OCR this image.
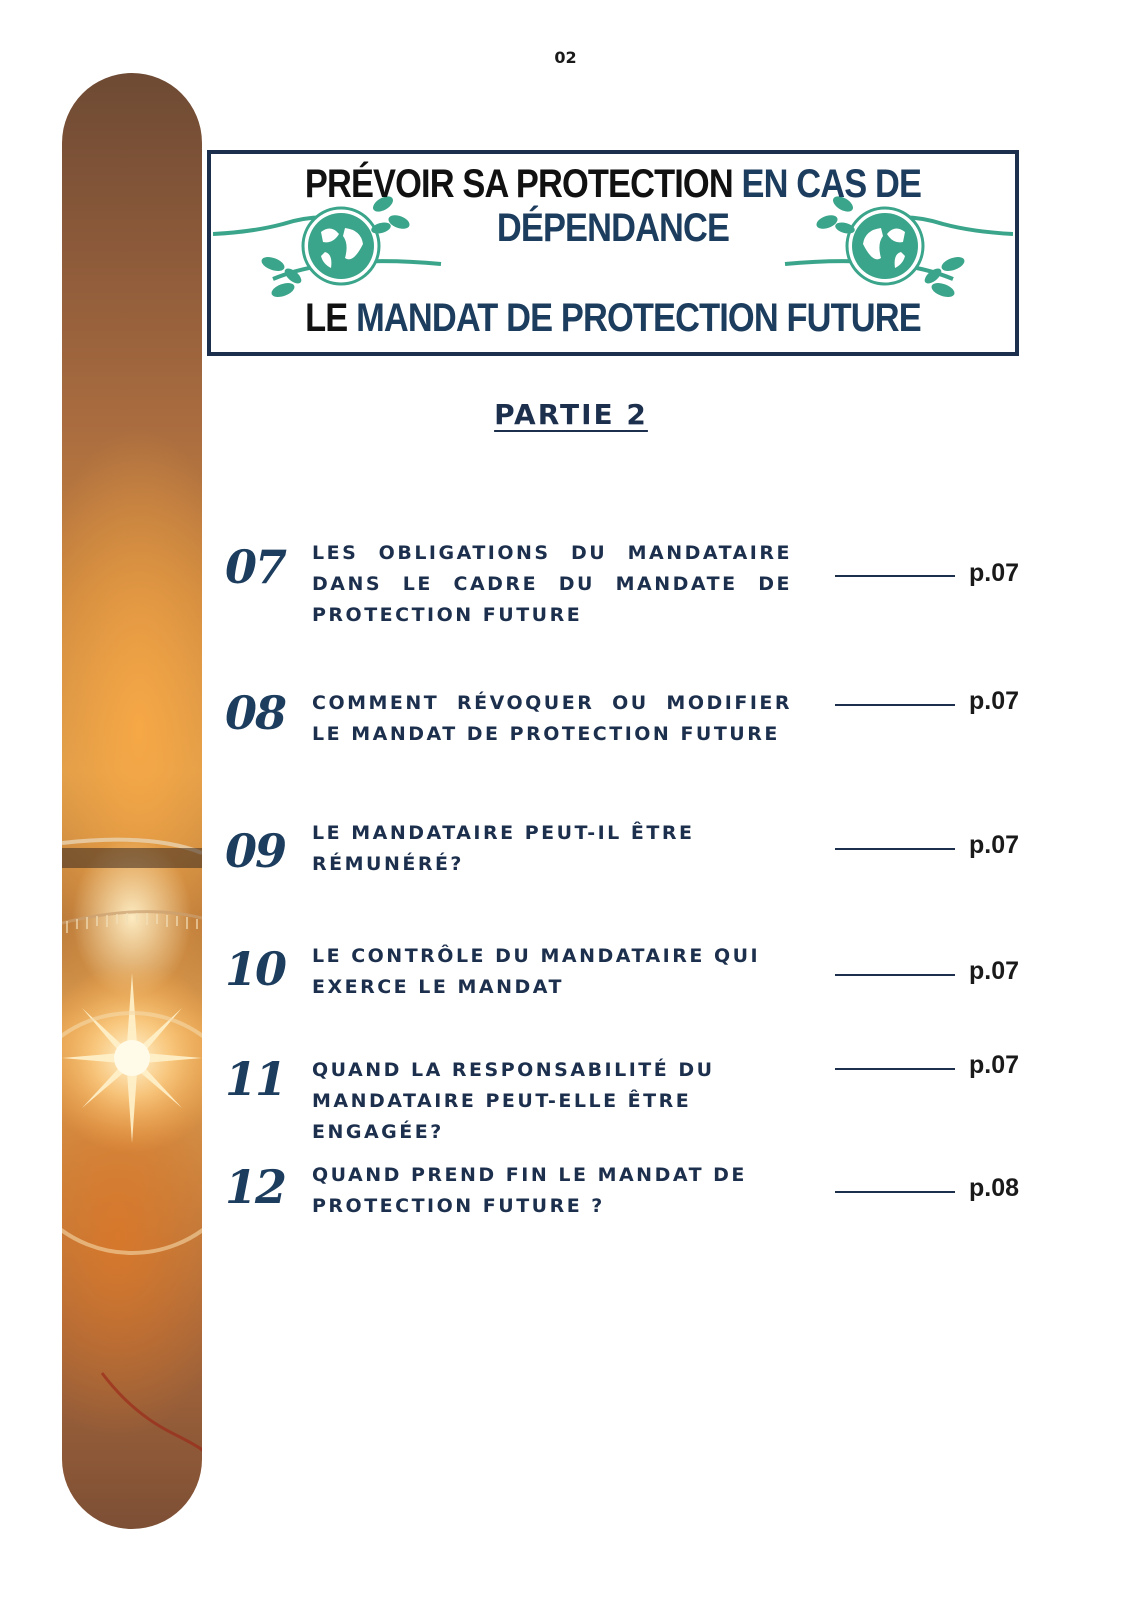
02
PRÉVOIR SA PROTECTION EN CAS DE
DÉPENDANCE
LE MANDAT DE PROTECTION FUTURE
PARTIE 2
07	LES OBLIGATIONS DU MANDATAIRE DANS LE CADRE DU MANDATE DE PROTECTION FUTURE
p.07
08	COMMENT RÉVOQUER OU MODIFIER LE MANDAT DE PROTECTION FUTURE
p.07
09	LE MANDATAIRE PEUT-IL ÊTRE RÉMUNÉRÉ?
p.07
10	LE CONTRÔLE DU MANDATAIRE QUI EXERCE LE MANDAT
p.07
11	QUAND LA RESPONSABILITÉ DU MANDATAIRE PEUT-ELLE ÊTRE ENGAGÉE?
p.07
12	QUAND PREND FIN LE MANDAT DE PROTECTION FUTURE ?
p.08
